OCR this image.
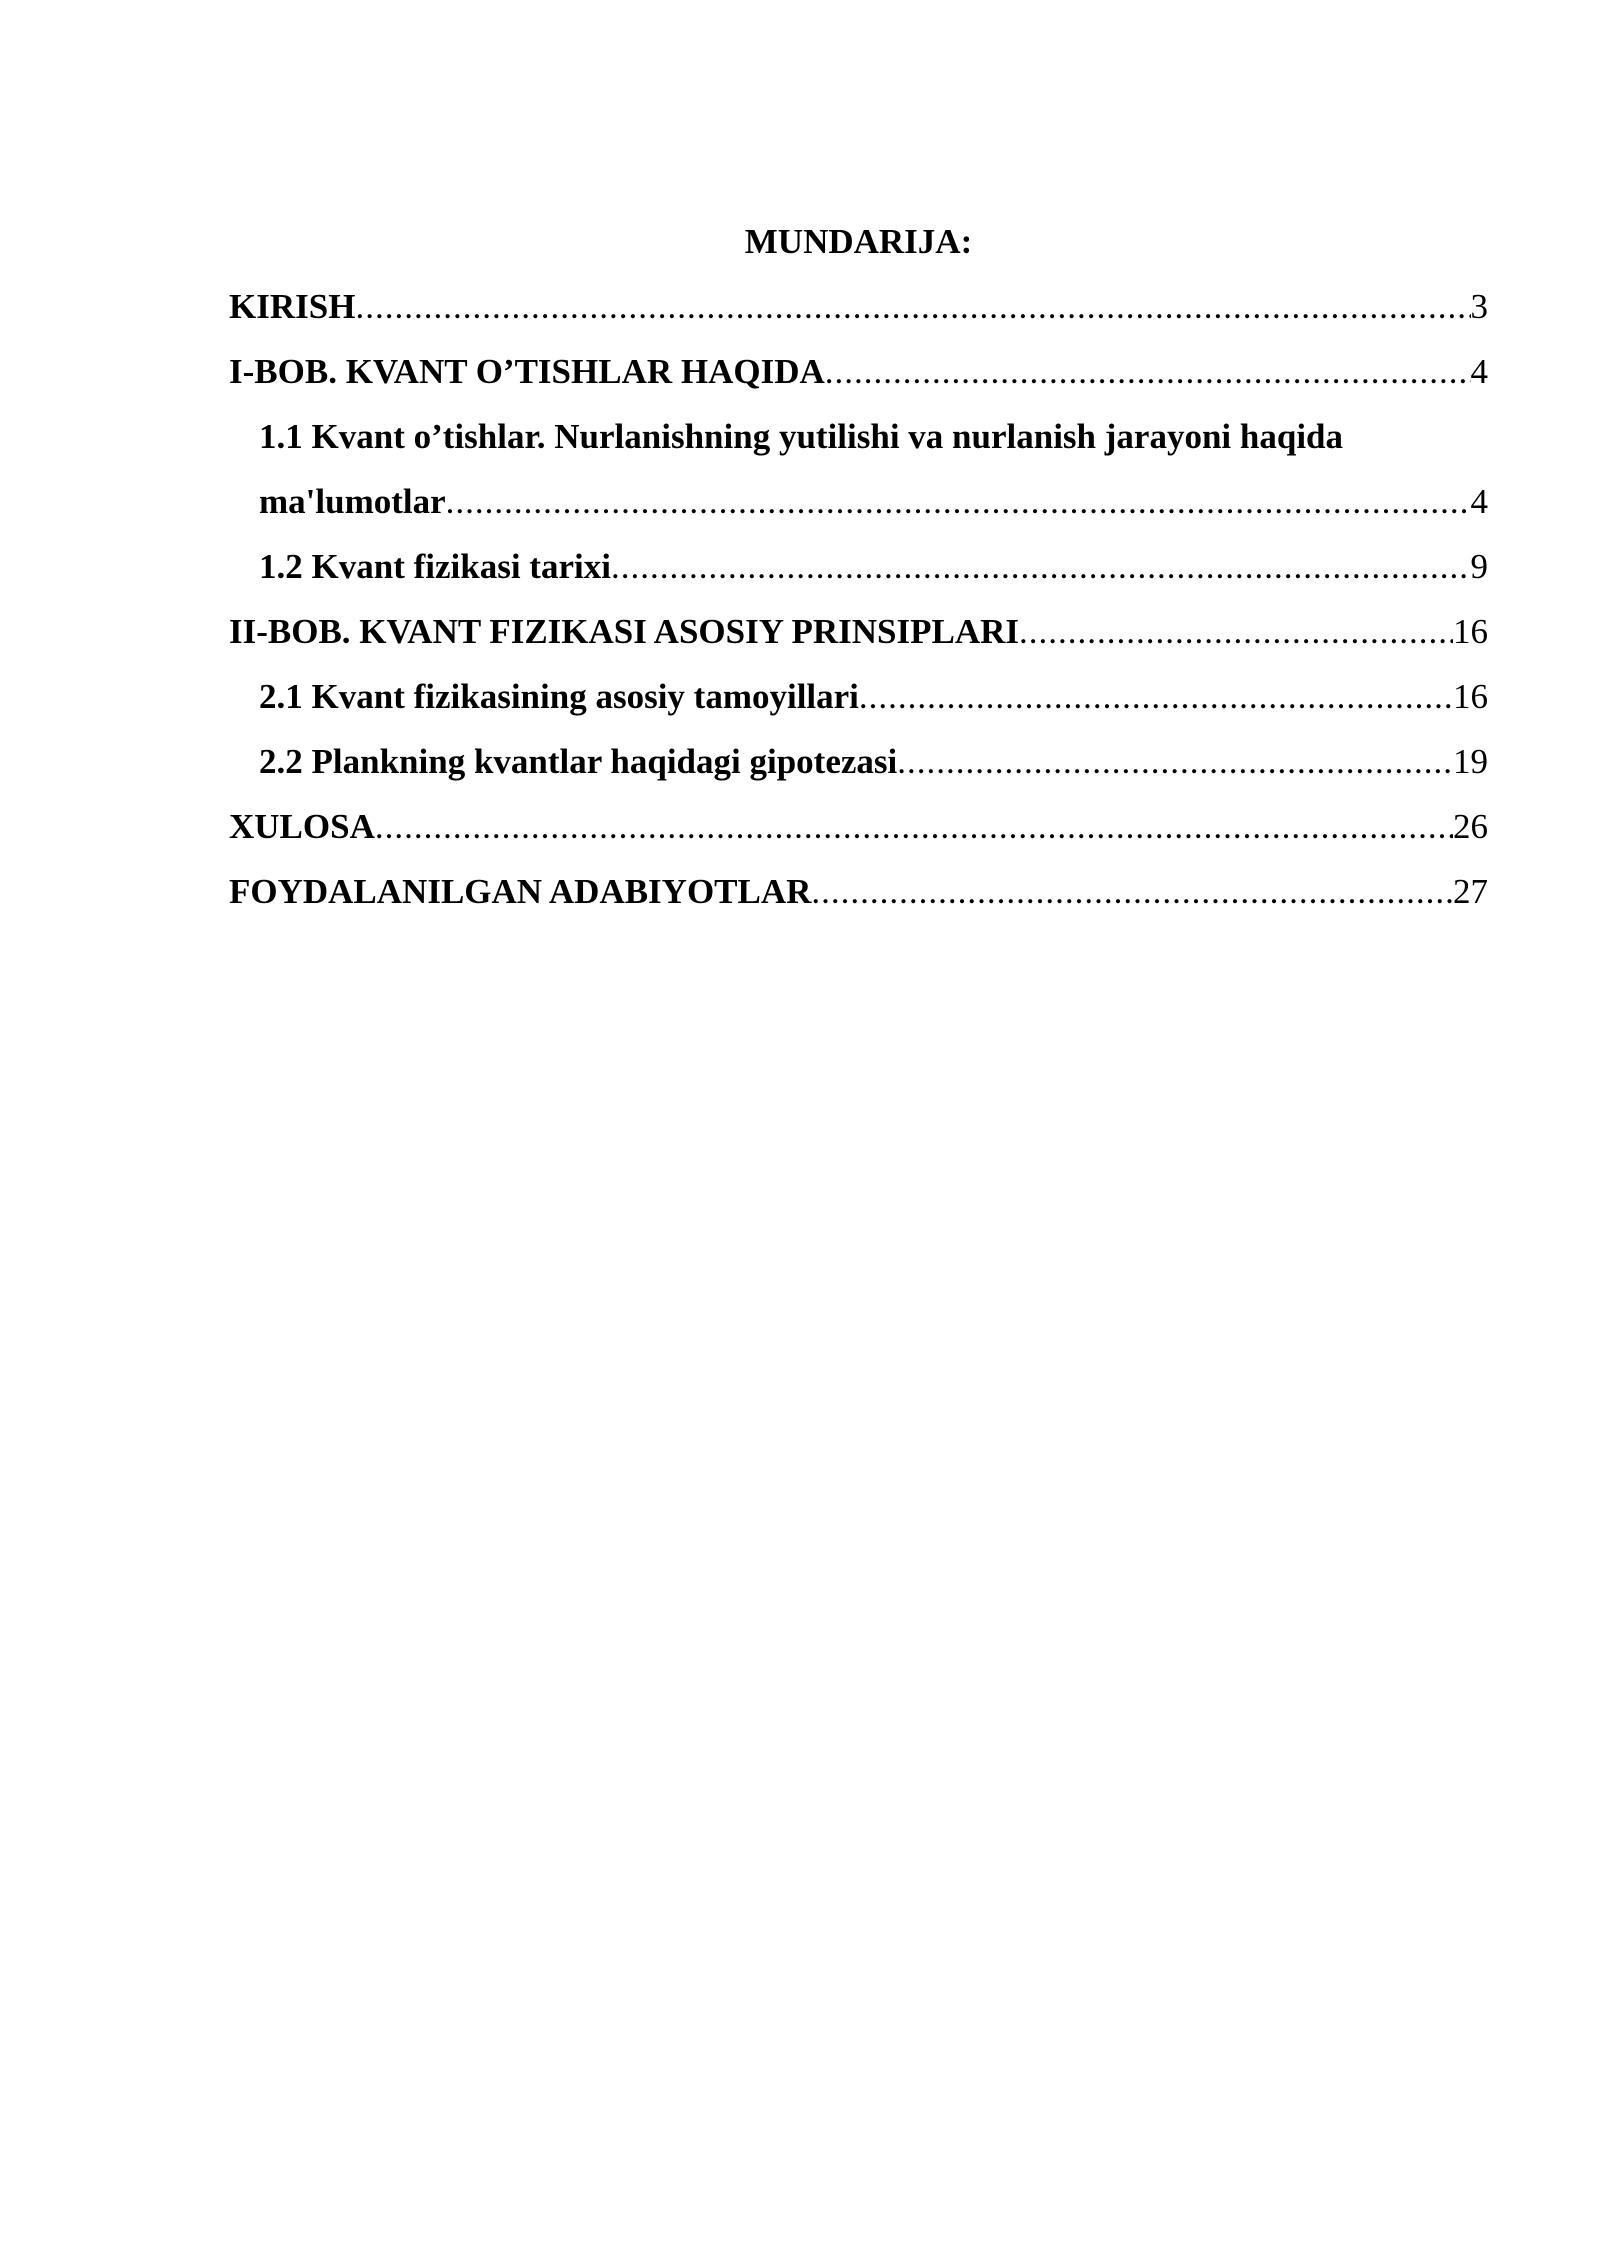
MUNDARIJA:
KIRISH .....	3
I-BOB. KVANT O’TISHLAR HAQIDA .....	4
1.1 Kvant o’tishlar. Nurlanishning yutilishi va nurlanish jarayoni haqida
ma'lumotlar .....	4
1.2 Kvant fizikasi tarixi .....	9
II-BOB. KVANT FIZIKASI ASOSIY PRINSIPLARI .....	16
2.1 Kvant fizikasining asosiy tamoyillari .....	16
2.2 Plankning kvantlar haqidagi gipotezasi .....	19
XULOSA .....	26
FOYDALANILGAN ADABIYOTLAR .....	27
